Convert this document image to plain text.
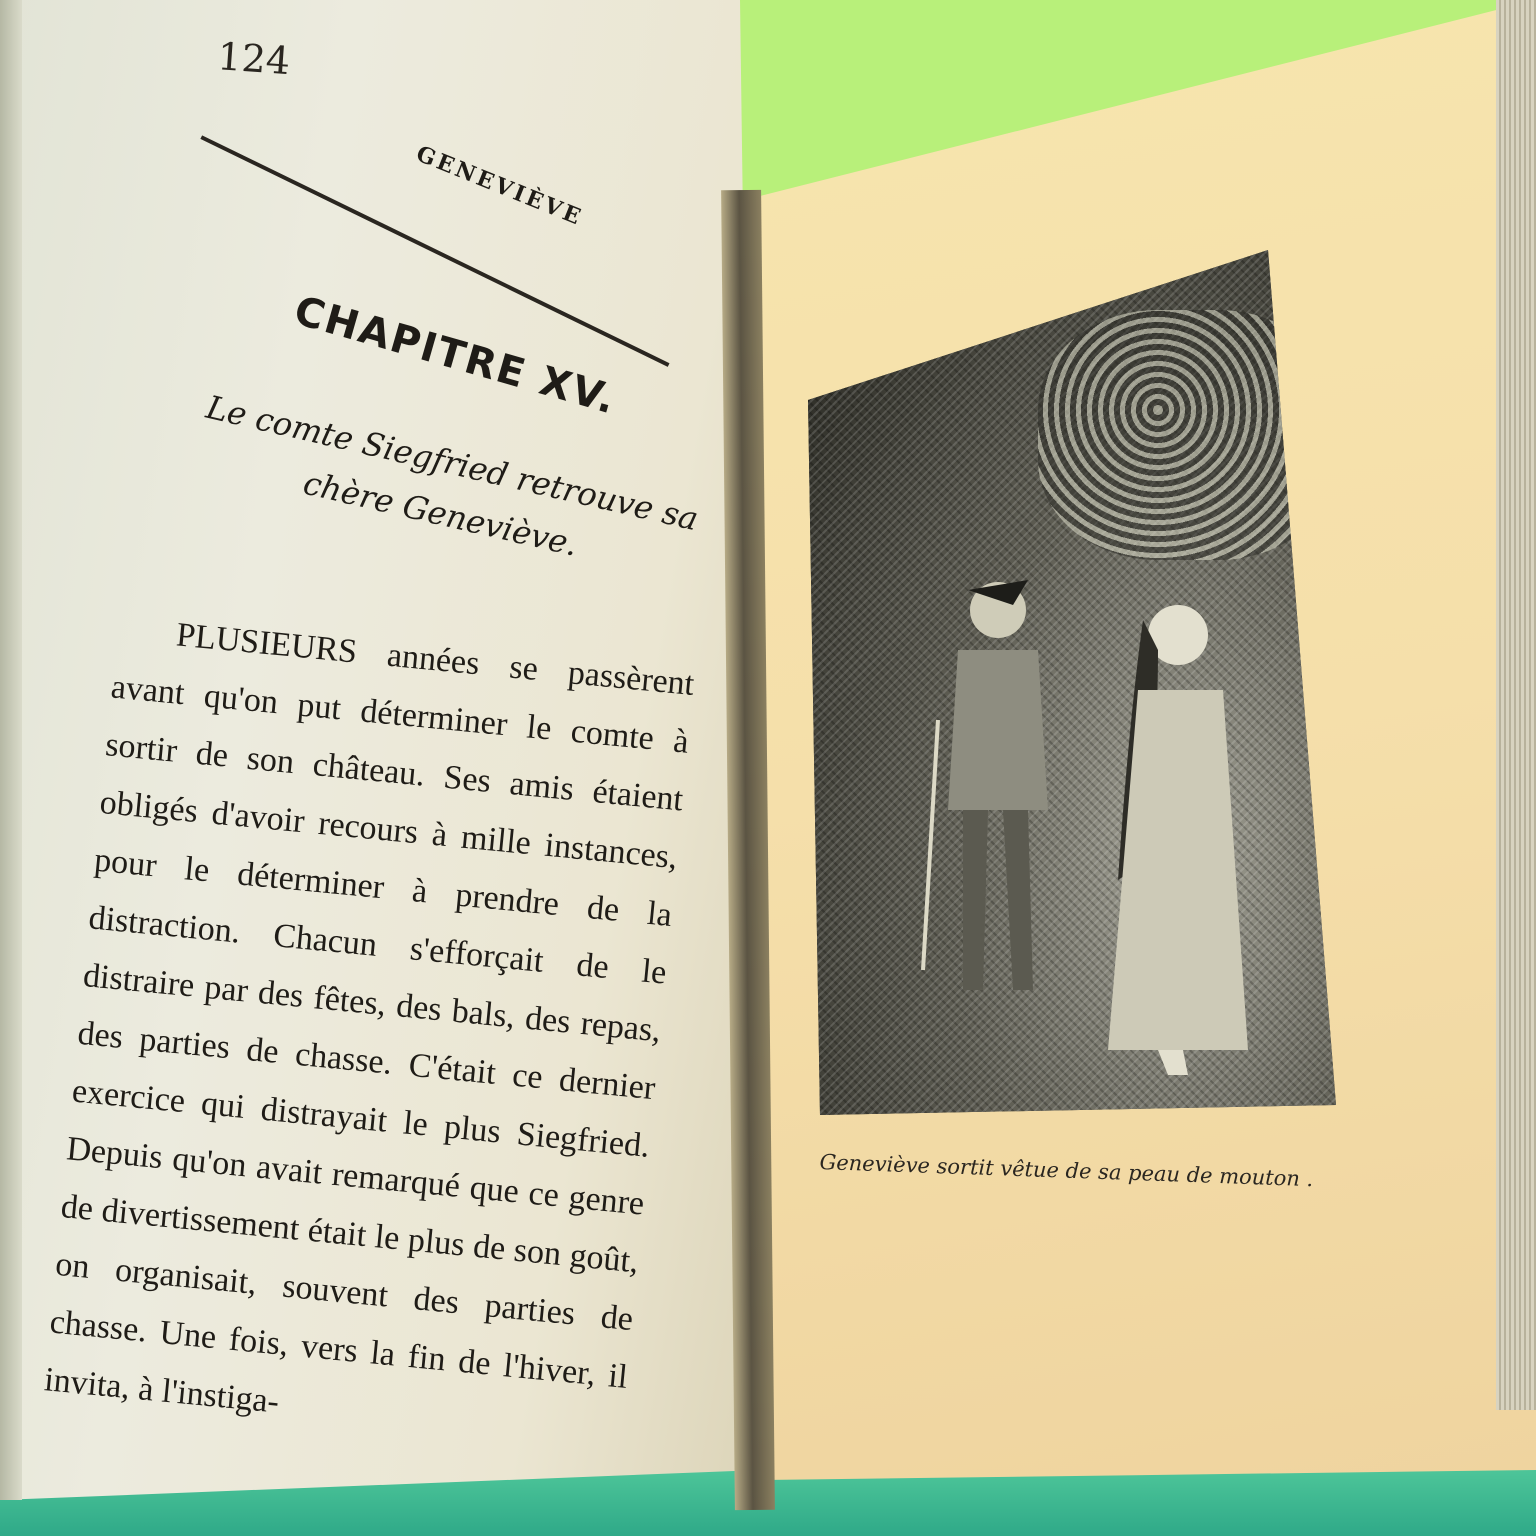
124
GENEVIÈVE
CHAPITRE XV.
Le comte Siegfried retrouve sa chère Geneviève.

PLUSIEURS années se passèrent avant qu'on put déterminer le comte à sortir de son château. Ses amis étaient obligés d'avoir recours à mille instances, pour le déterminer à prendre de la distraction. Chacun s'efforçait de le distraire par des fêtes, des bals, des repas, des parties de chasse. C'était ce dernier exercice qui distrayait le plus Siegfried. Depuis qu'on avait remarqué que ce genre de divertissement était le plus de son goût, on organisait, souvent des parties de chasse. Une fois, vers la fin de l'hiver, il invita, à l'instiga-

Geneviève sortit vêtue de sa peau de mouton .
